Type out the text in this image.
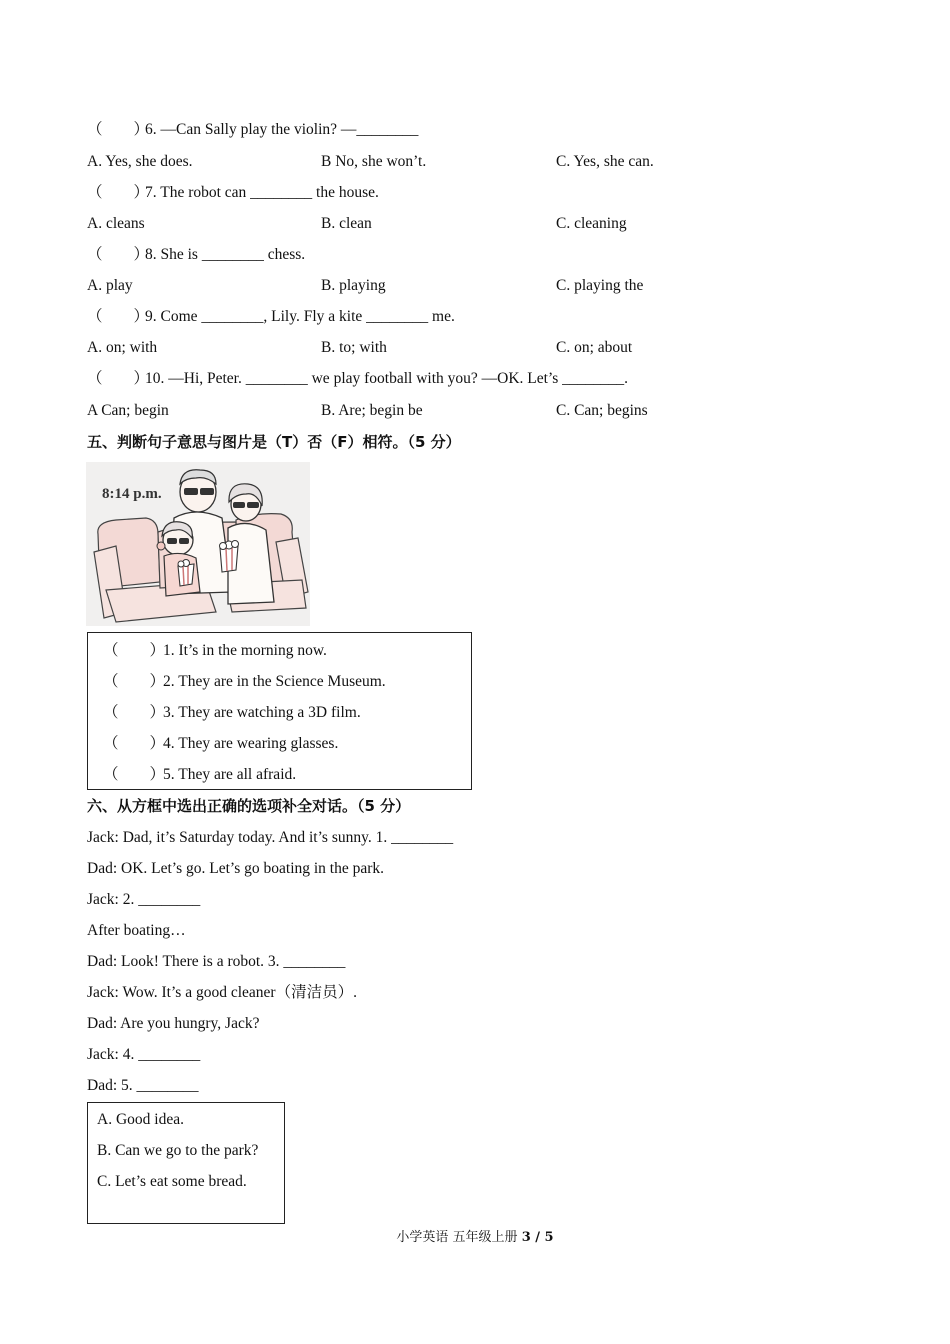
（　　）6. —Can Sally play the violin? —________
A. Yes, she does.	B No, she won’t.	C. Yes, she can.
（　　）7. The robot can ________ the house.
A. cleans	B. clean	C. cleaning
（　　）8. She is ________ chess.
A. play	B. playing	C. playing the
（　　）9. Come ________, Lily. Fly a kite ________ me.
A. on; with	B. to; with	C. on; about
（　　）10. —Hi, Peter. ________ we play football with you? —OK. Let’s ________.
A Can; begin	B. Are; begin be	C. Can; begins
五、判断句子意思与图片是（T）否（F）相符。（5 分）
8:14 p.m.
（　　）1. It’s in the morning now.
（　　）2. They are in the Science Museum.
（　　）3. They are watching a 3D film.
（　　）4. They are wearing glasses.
（　　）5. They are all afraid.
六、从方框中选出正确的选项补全对话。（5 分）
Jack: Dad, it’s Saturday today. And it’s sunny. 1. ________
Dad: OK. Let’s go. Let’s go boating in the park.
Jack: 2. ________
After boating…
Dad: Look! There is a robot. 3. ________
Jack: Wow. It’s a good cleaner（清洁员）.
Dad: Are you hungry, Jack?
Jack: 4. ________
Dad: 5. ________
A. Good idea.
B. Can we go to the park?
C. Let’s eat some bread.
小学英语 五年级上册 3 / 5
